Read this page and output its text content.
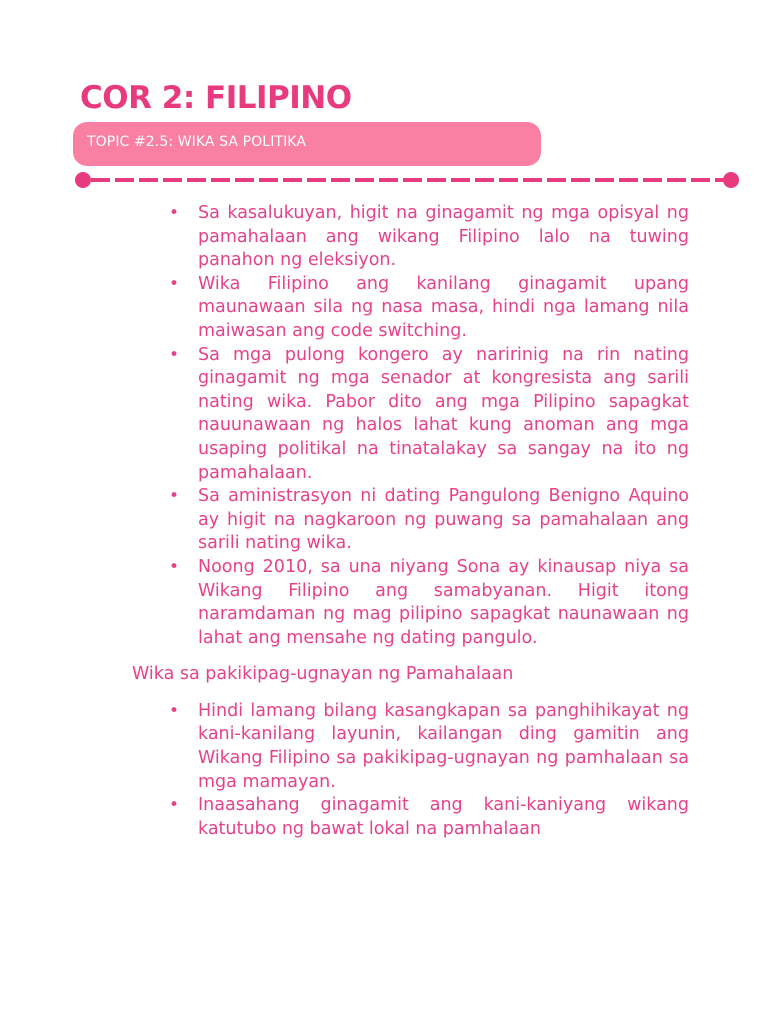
COR 2: FILIPINO
TOPIC #2.5: WIKA SA POLITIKA
• Sa kasalukuyan, higit na ginagamit ng mga opisyal ng pamahalaan ang wikang Filipino lalo na tuwing panahon ng eleksiyon.
• Wika Filipino ang kanilang ginagamit upang maunawaan sila ng nasa masa, hindi nga lamang nila maiwasan ang code switching.
• Sa mga pulong kongero ay naririnig na rin nating ginagamit ng mga senador at kongresista ang sarili nating wika. Pabor dito ang mga Pilipino sapagkat nauunawaan ng halos lahat kung anoman ang mga usaping politikal na tinatalakay sa sangay na ito ng pamahalaan.
• Sa aministrasyon ni dating Pangulong Benigno Aquino ay higit na nagkaroon ng puwang sa pamahalaan ang sarili nating wika.
• Noong 2010, sa una niyang Sona ay kinausap niya sa Wikang Filipino ang samabyanan. Higit itong naramdaman ng mag pilipino sapagkat naunawaan ng lahat ang mensahe ng dating pangulo.

Wika sa pakikipag-ugnayan ng Pamahalaan

• Hindi lamang bilang kasangkapan sa panghihikayat ng kani-kanilang layunin, kailangan ding gamitin ang Wikang Filipino sa pakikipag-ugnayan ng pamhalaan sa mga mamayan.
• Inaasahang ginagamit ang kani-kaniyang wikang katutubo ng bawat lokal na pamhalaan
